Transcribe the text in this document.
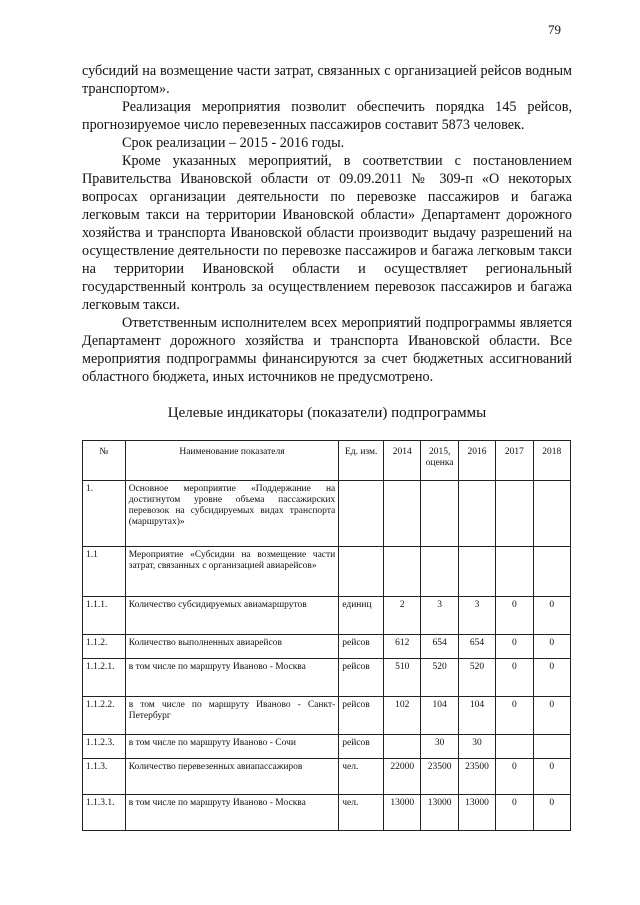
79

субсидий на возмещение части затрат, связанных с организацией рейсов водным транспортом».

Реализация мероприятия позволит обеспечить порядка 145 рейсов, прогнозируемое число перевезенных пассажиров составит 5873 человек.

Срок реализации – 2015 - 2016 годы.

Кроме указанных мероприятий, в соответствии с постановлением Правительства Ивановской области от 09.09.2011 № 309-п «О некоторых вопросах организации деятельности по перевозке пассажиров и багажа легковым такси на территории Ивановской области» Департамент дорожного хозяйства и транспорта Ивановской области производит выдачу разрешений на осуществление деятельности по перевозке пассажиров и багажа легковым такси на территории Ивановской области и осуществляет региональный государственный контроль за осуществлением перевозок пассажиров и багажа легковым такси.

Ответственным исполнителем всех мероприятий подпрограммы является Департамент дорожного хозяйства и транспорта Ивановской области. Все мероприятия подпрограммы финансируются за счет бюджетных ассигнований областного бюджета, иных источников не предусмотрено.

Целевые индикаторы (показатели) подпрограммы
№	Наименование показателя	Ед. изм.	2014	2015, оценка	2016	2017	2018
1.	Основное мероприятие «Поддержание на достигнутом уровне объема пассажирских перевозок на субсидируемых видах транспорта (маршрутах)»						
1.1	Мероприятие «Субсидии на возмещение части затрат, связанных с организацией авиарейсов»						
1.1.1.	Количество субсидируемых авиамаршрутов	единиц	2	3	3	0	0
1.1.2.	Количество выполненных авиарейсов	рейсов	612	654	654	0	0
1.1.2.1.	в том числе по маршруту Иваново - Москва	рейсов	510	520	520	0	0
1.1.2.2.	в том числе по маршруту Иваново - Санкт-Петербург	рейсов	102	104	104	0	0
1.1.2.3.	в том числе по маршруту Иваново - Сочи	рейсов		30	30		
1.1.3.	Количество перевезенных авиапассажиров	чел.	22000	23500	23500	0	0
1.1.3.1.	в том числе по маршруту Иваново - Москва	чел.	13000	13000	13000	0	0
